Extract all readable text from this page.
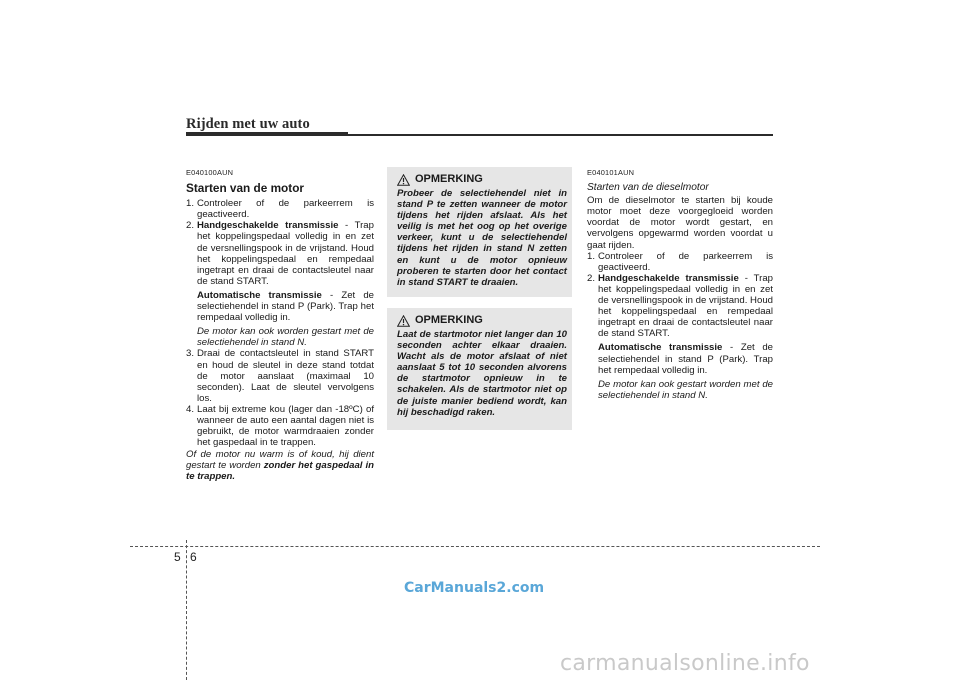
Rijden met uw auto
E040100AUN
Starten van de motor
1. Controleer of de parkeerrem is geactiveerd.
2. Handgeschakelde transmissie - Trap het koppelingspedaal volledig in en zet de versnellingspook in de vrijstand. Houd het koppelingspedaal en rempedaal ingetrapt en draai de contactsleutel naar de stand START.
Automatische transmissie - Zet de selectiehendel in stand P (Park). Trap het rempedaal volledig in.
De motor kan ook worden gestart met de selectiehendel in stand N.
3. Draai de contactsleutel in stand START en houd de sleutel in deze stand totdat de motor aanslaat (maximaal 10 seconden). Laat de sleutel vervolgens los.
4. Laat bij extreme kou (lager dan -18ºC) of wanneer de auto een aantal dagen niet is gebruikt, de motor warmdraaien zonder het gaspedaal in te trappen.
Of de motor nu warm is of koud, hij dient gestart te worden zonder het gaspedaal in te trappen.
OPMERKING
Probeer de selectiehendel niet in stand P te zetten wanneer de motor tijdens het rijden afslaat. Als het veilig is met het oog op het overige verkeer, kunt u de selectiehendel tijdens het rijden in stand N zetten en kunt u de motor opnieuw proberen te starten door het contact in stand START te draaien.
OPMERKING
Laat de startmotor niet langer dan 10 seconden achter elkaar draaien. Wacht als de motor afslaat of niet aanslaat 5 tot 10 seconden alvorens de startmotor opnieuw in te schakelen. Als de startmotor niet op de juiste manier bediend wordt, kan hij beschadigd raken.
E040101AUN
Starten van de dieselmotor
Om de dieselmotor te starten bij koude motor moet deze voorgegloeid worden voordat de motor wordt gestart, en vervolgens opgewarmd worden voordat u gaat rijden.
1. Controleer of de parkeerrem is geactiveerd.
2. Handgeschakelde transmissie - Trap het koppelingspedaal volledig in en zet de versnellingspook in de vrijstand. Houd het koppelingspedaal en rempedaal ingetrapt en draai de contactsleutel naar de stand START.
Automatische transmissie - Zet de selectiehendel in stand P (Park). Trap het rempedaal volledig in.
De motor kan ook gestart worden met de selectiehendel in stand N.
5 6
CarManuals2.com
carmanualsonline.info
